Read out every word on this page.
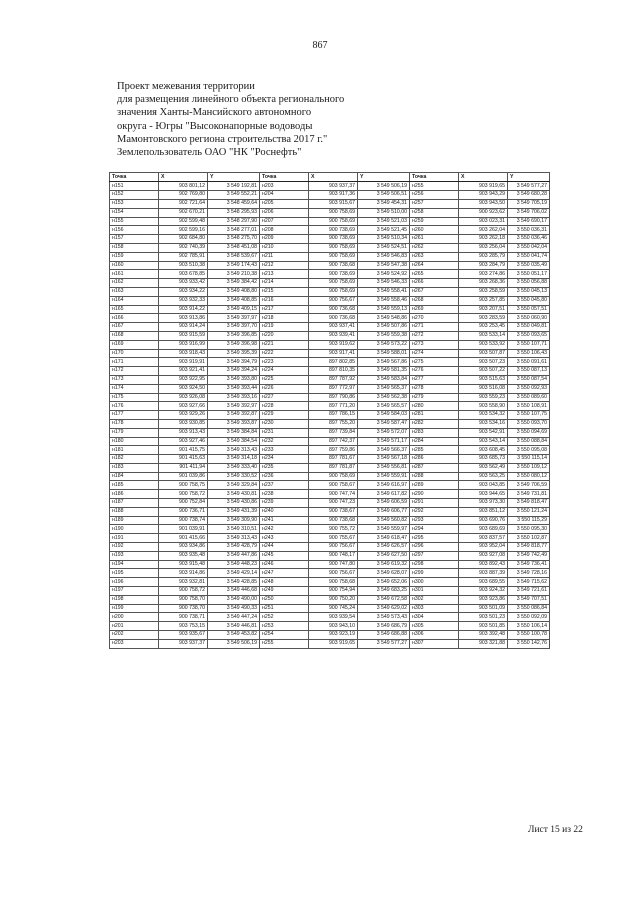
867
Проект межевания территории
для размещения линейного объекта регионального
значения Ханты-Мансийского автономного
округа - Югры "Высоконапорные водоводы
Мамонтовского региона строительства 2017 г."
Землепользователь ОАО "НК "Роснефть"
Точка	X	Y	Точка	X	Y	Точка	X	Y
н151	903 801,12	3 549 192,81	н203	903 937,37	3 549 506,19	н255	903 919,65	3 549 577,27
н152	902 769,80	3 549 552,21	н204	903 917,36	3 549 506,51	н256	903 943,29	3 549 680,28
н153	902 721,64	3 548 459,64	н205	903 915,67	3 549 454,31	н257	903 943,50	3 549 705,19
н154	902 670,21	3 548 295,93	н206	900 758,69	3 549 510,00	н258	900 923,62	3 549 706,02
н155	902 599,48	3 548 297,90	н207	900 758,69	3 549 521,03	н259	903 023,31	3 549 690,17
н156	902 599,16	3 548 277,01	н208	900 738,69	3 549 521,45	н260	903 262,04	3 550 036,31
н157	902 684,80	3 548 275,70	н209	900 738,69	3 549 510,34	н261	903 262,18	3 550 036,46
н158	902 740,39	3 548 451,08	н210	900 758,69	3 549 524,51	н262	903 256,04	3 550 042,04
н159	902 785,91	3 548 539,67	н211	900 758,69	3 549 546,83	н263	903 285,79	3 550 041,74
н160	903 510,38	3 549 174,43	н212	900 738,68	3 549 547,38	н264	903 284,79	3 550 035,49
н161	903 678,85	3 549 210,38	н213	900 738,69	3 549 524,92	н265	903 274,86	3 550 051,17
н162	903 933,42	3 549 384,42	н214	900 758,69	3 549 546,33	н266	903 268,36	3 550 056,88
н163	903 934,22	3 549 408,80	н215	900 758,69	3 549 558,41	н267	903 258,59	3 550 045,13
н164	903 932,33	3 549 408,85	н216	900 756,67	3 549 558,46	н268	903 257,85	3 550 045,80
н165	903 914,22	3 549 409,15	н217	900 736,68	3 549 559,13	н269	903 207,51	3 550 057,51
н166	903 913,86	3 549 397,97	н218	900 736,68	3 549 548,86	н270	903 283,59	3 550 060,90
н167	903 914,24	3 549 397,70	н219	903 937,41	3 549 507,86	н271	903 253,45	3 550 049,81
н168	903 915,59	3 549 396,85	н220	903 939,41	3 549 559,38	н272	903 533,14	3 550 093,65
н169	903 916,99	3 549 396,98	н221	903 919,62	3 549 573,22	н273	903 533,92	3 550 107,71
н170	903 918,43	3 549 395,39	н222	903 917,41	3 549 588,01	н274	903 507,87	3 550 106,43
н171	903 919,91	3 549 394,79	н223	897 802,85	3 549 567,86	н275	903 507,23	3 550 091,61
н172	903 921,41	3 549 394,24	н224	897 810,35	3 549 581,35	н276	903 507,22	3 550 087,13
н173	903 922,95	3 549 393,80	н225	897 787,92	3 549 583,84	н277	903 515,63	3 550 087,54
н174	903 924,50	3 549 393,44	н226	897 772,97	3 549 565,37	н278	903 516,08	3 550 092,93
н175	903 926,08	3 549 393,16	н227	897 790,86	3 549 562,38	н279	903 559,23	3 550 089,60
н176	903 927,66	3 549 392,97	н228	897 771,20	3 549 565,57	н280	903 558,90	3 550 108,91
н177	903 929,26	3 549 392,87	н229	897 786,15	3 549 584,03	н281	903 534,32	3 550 107,75
н178	903 930,85	3 549 393,87	н230	897 755,20	3 549 587,47	н282	903 534,16	3 550 093,70
н179	903 913,43	3 549 384,84	н231	897 739,84	3 549 572,07	н283	903 542,91	3 550 094,69
н180	903 927,46	3 549 384,54	н232	897 742,37	3 549 571,17	н284	903 543,14	3 550 088,84
н181	901 415,75	3 549 313,43	н233	897 759,86	3 549 566,37	н285	903 608,45	3 550 095,08
н182	901 415,63	3 549 314,18	н234	897 781,67	3 549 567,18	н286	903 685,73	3 550 115,14
н183	901 411,94	3 549 333,40	н235	897 781,87	3 549 556,81	н287	903 562,49	3 550 109,12
н184	901 039,86	3 549 330,52	н236	900 758,69	3 549 559,91	н288	903 563,25	3 550 080,12
н185	900 758,75	3 549 329,84	н237	900 758,67	3 549 616,97	н289	903 043,85	3 549 706,59
н186	900 758,72	3 549 430,81	н238	900 747,74	3 549 617,82	н290	903 944,65	3 549 731,81
н187	900 752,84	3 549 430,86	н239	900 747,23	3 549 606,59	н291	903 973,30	3 549 818,47
н188	900 736,71	3 549 431,39	н240	900 738,67	3 549 606,77	н292	903 851,12	3 550 121,24
н189	900 738,74	3 549 309,90	н241	900 738,68	3 549 560,82	н293	903 690,76	3 550 115,29
н190	901 039,91	3 549 310,51	н242	900 755,72	3 549 559,97	н294	903 689,69	3 550 095,30
н191	901 415,66	3 549 313,43	н243	900 755,67	3 549 618,47	н295	903 837,57	3 550 102,87
н192	903 934,86	3 549 428,79	н244	900 756,67	3 549 626,57	н296	903 952,04	3 549 818,77
н193	903 935,48	3 549 447,86	н245	900 748,17	3 549 627,50	н297	903 927,08	3 549 742,49
н194	903 915,48	3 549 448,23	н246	900 747,80	3 549 619,32	н298	903 892,43	3 549 736,41
н195	903 914,86	3 549 429,14	н247	900 756,67	3 549 628,07	н299	903 887,39	3 549 728,16
н196	903 932,81	3 549 428,85	н248	900 758,68	3 549 652,06	н300	903 689,55	3 549 715,62
н197	900 758,72	3 549 446,68	н249	900 754,94	3 549 683,25	н301	903 924,32	3 549 721,61
н198	900 758,70	3 549 490,00	н250	900 750,20	3 549 672,58	н302	903 923,86	3 549 707,51
н199	900 738,70	3 549 490,33	н251	900 745,24	3 549 629,02	н303	903 501,09	3 550 086,84
н200	900 738,71	3 549 447,24	н252	903 939,54	3 549 573,43	н304	903 501,23	3 550 092,09
н201	903 753,15	3 549 446,81	н253	903 943,10	3 549 686,79	н305	903 501,85	3 550 106,14
н202	903 935,67	3 549 453,82	н254	903 923,19	3 549 686,88	н306	903 392,48	3 550 100,78
н203	903 937,37	3 549 506,19	н255	903 919,65	3 549 577,27	н307	903 321,88	3 550 142,76
Лист 15 из 22
